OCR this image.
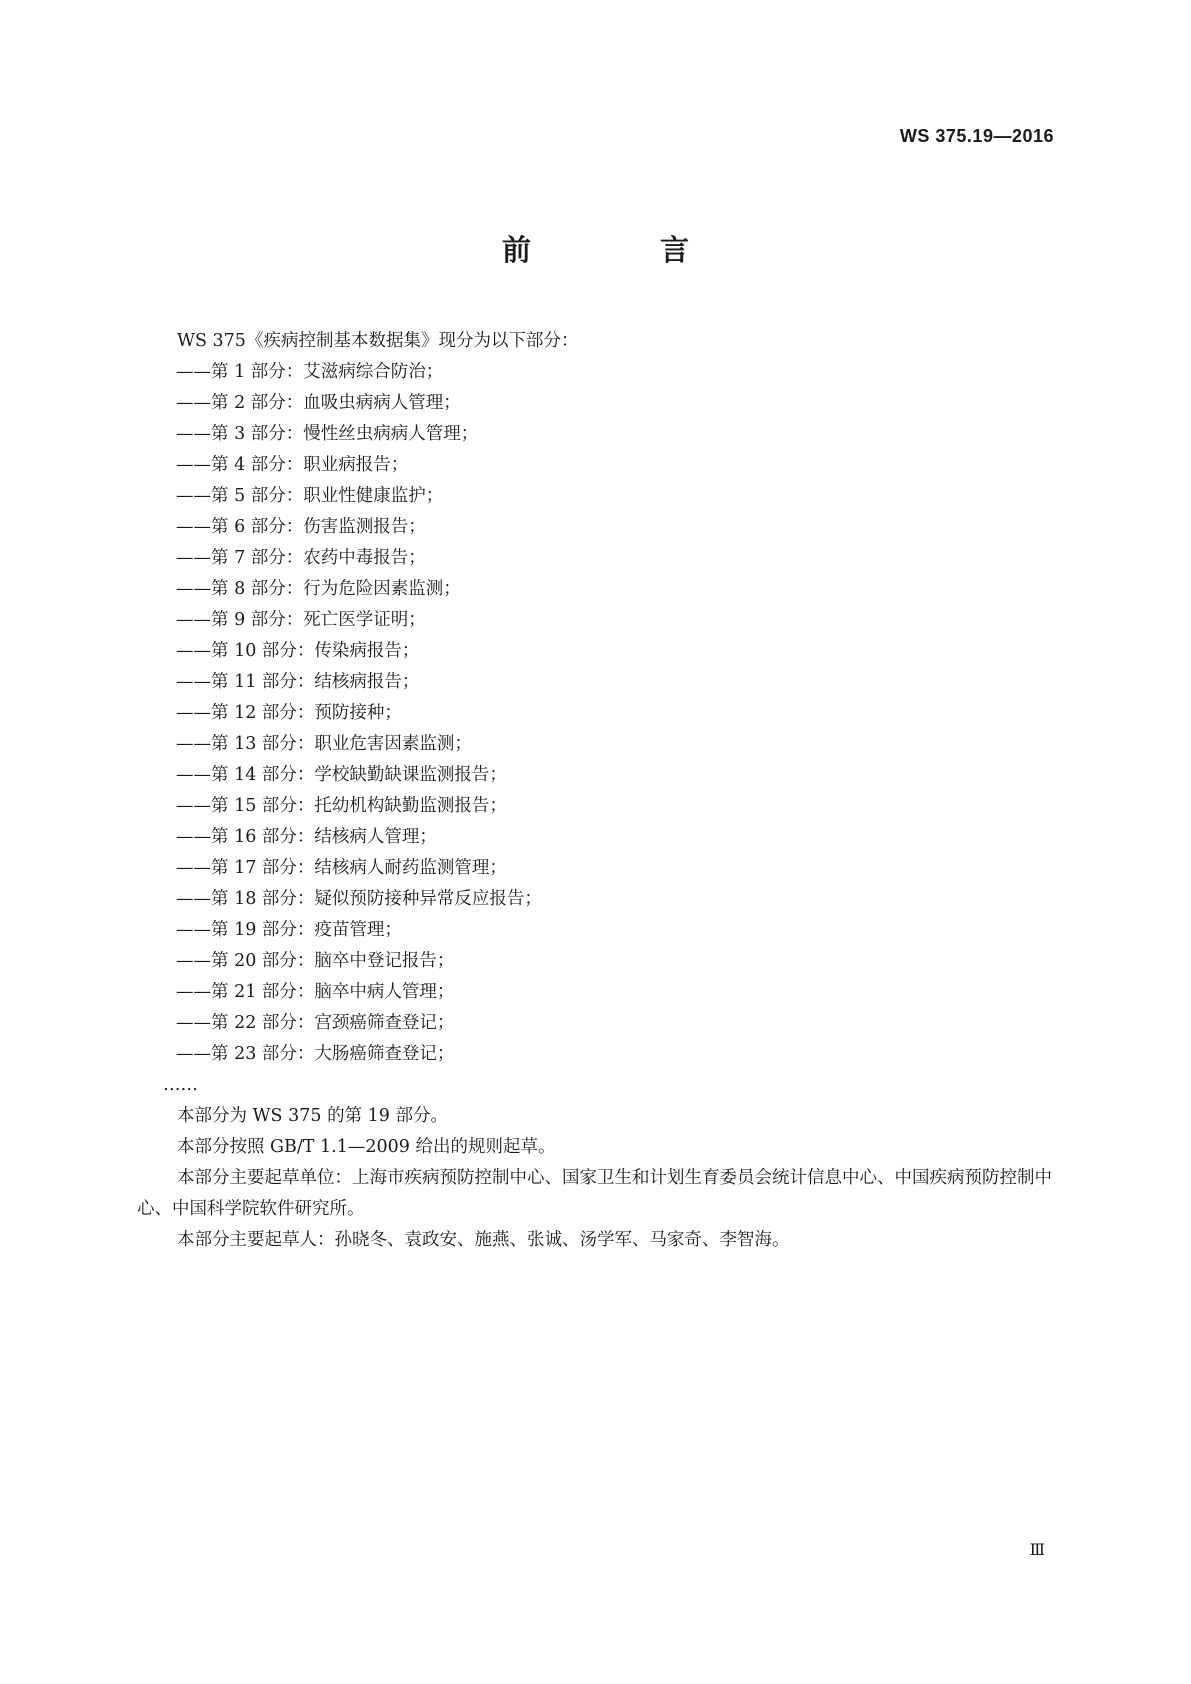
WS 375.19—2016
前　言
WS 375《疾病控制基本数据集》现分为以下部分：
——第 1 部分：艾滋病综合防治；
——第 2 部分：血吸虫病病人管理；
——第 3 部分：慢性丝虫病病人管理；
——第 4 部分：职业病报告；
——第 5 部分：职业性健康监护；
——第 6 部分：伤害监测报告；
——第 7 部分：农药中毒报告；
——第 8 部分：行为危险因素监测；
——第 9 部分：死亡医学证明；
——第 10 部分：传染病报告；
——第 11 部分：结核病报告；
——第 12 部分：预防接种；
——第 13 部分：职业危害因素监测；
——第 14 部分：学校缺勤缺课监测报告；
——第 15 部分：托幼机构缺勤监测报告；
——第 16 部分：结核病人管理；
——第 17 部分：结核病人耐药监测管理；
——第 18 部分：疑似预防接种异常反应报告；
——第 19 部分：疫苗管理；
——第 20 部分：脑卒中登记报告；
——第 21 部分：脑卒中病人管理；
——第 22 部分：宫颈癌筛查登记；
——第 23 部分：大肠癌筛查登记；
……
本部分为 WS 375 的第 19 部分。
本部分按照 GB/T 1.1—2009 给出的规则起草。
本部分主要起草单位：上海市疾病预防控制中心、国家卫生和计划生育委员会统计信息中心、中国疾病预防控制中心、中国科学院软件研究所。
本部分主要起草人：孙晓冬、袁政安、施燕、张诚、汤学军、马家奇、李智海。
Ⅲ
